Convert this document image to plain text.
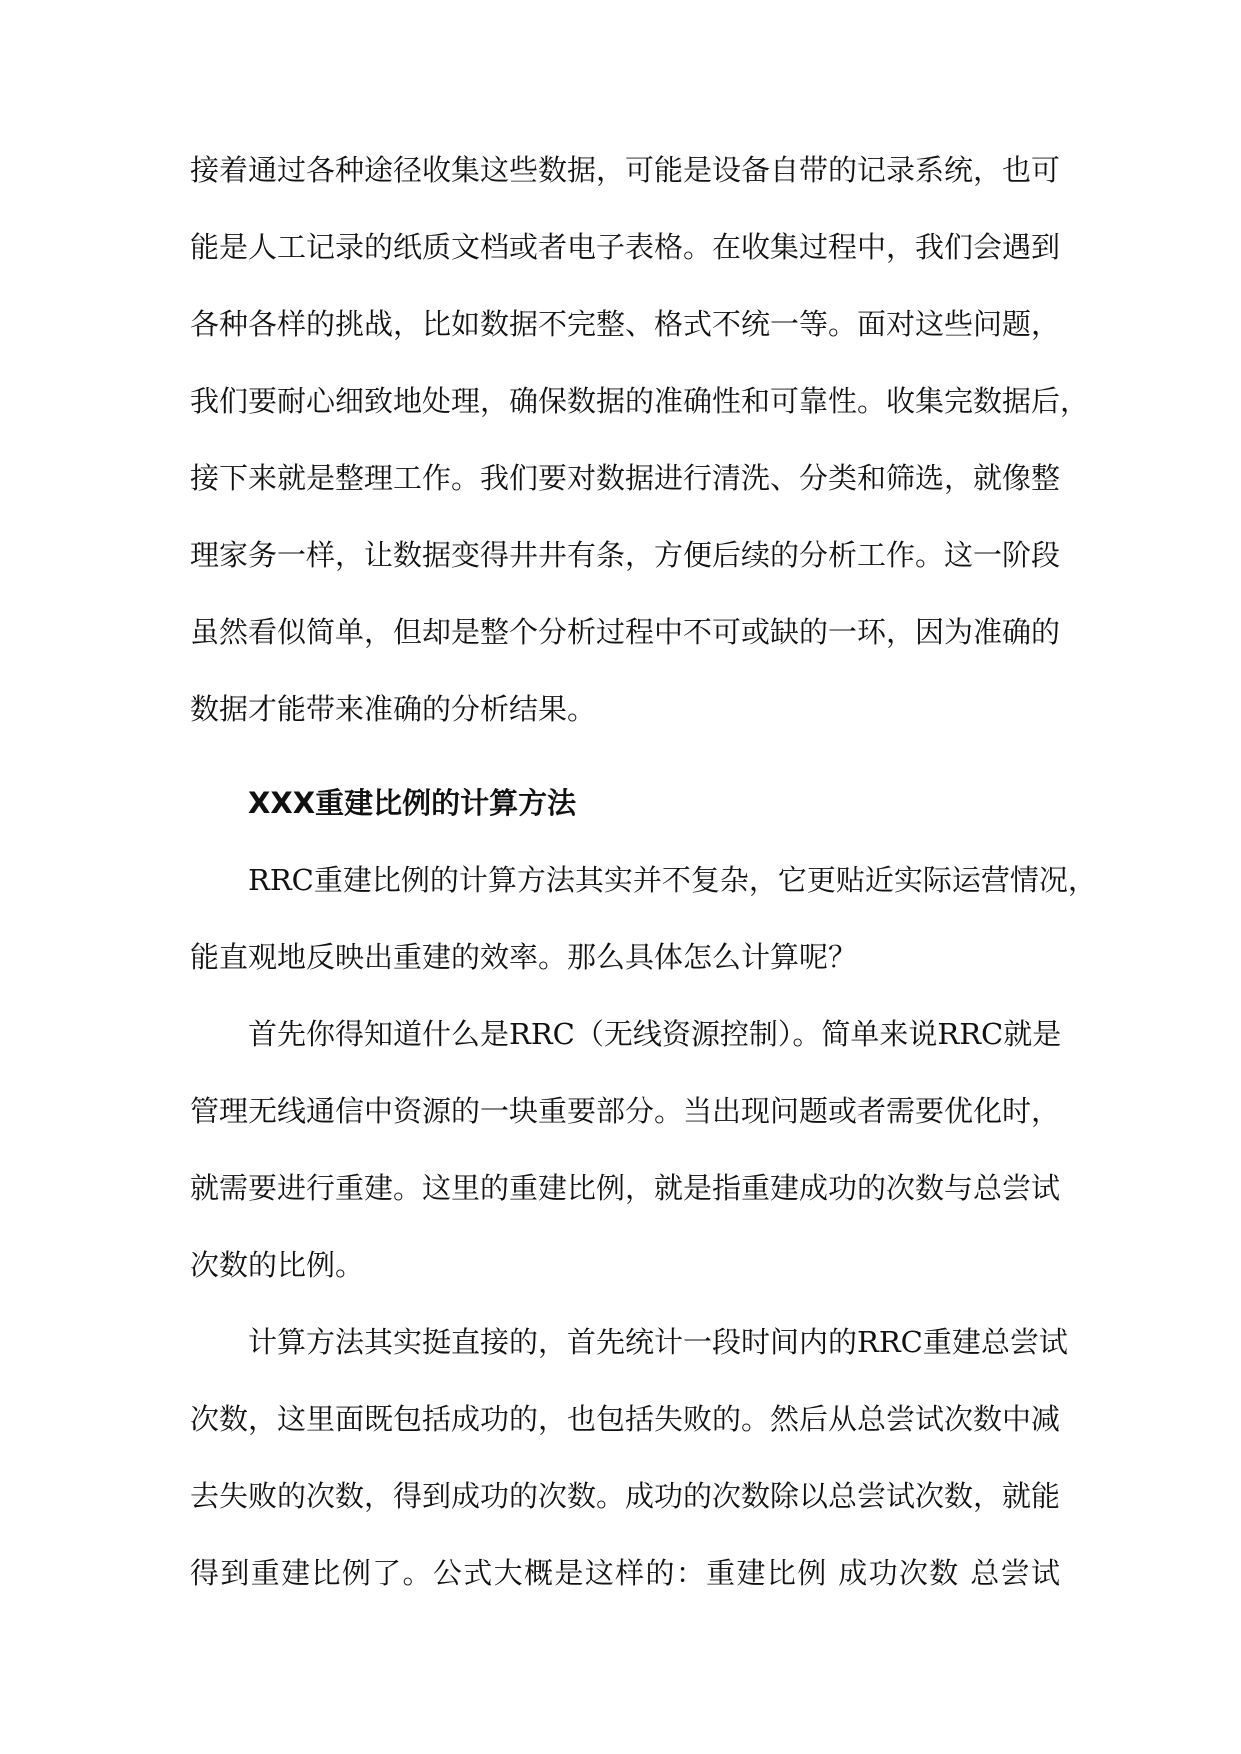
接着通过各种途径收集这些数据，可能是设备自带的记录系统，也可
能是人工记录的纸质文档或者电子表格。在收集过程中，我们会遇到
各种各样的挑战，比如数据不完整、格式不统一等。面对这些问题，
我们要耐心细致地处理，确保数据的准确性和可靠性。收集完数据后，
接下来就是整理工作。我们要对数据进行清洗、分类和筛选，就像整
理家务一样，让数据变得井井有条，方便后续的分析工作。这一阶段
虽然看似简单，但却是整个分析过程中不可或缺的一环，因为准确的
数据才能带来准确的分析结果。
XXX重建比例的计算方法
RRC重建比例的计算方法其实并不复杂，它更贴近实际运营情况，
能直观地反映出重建的效率。那么具体怎么计算呢？
首先你得知道什么是RRC（无线资源控制）。简单来说RRC就是
管理无线通信中资源的一块重要部分。当出现问题或者需要优化时，
就需要进行重建。这里的重建比例，就是指重建成功的次数与总尝试
次数的比例。
计算方法其实挺直接的，首先统计一段时间内的RRC重建总尝试
次数，这里面既包括成功的，也包括失败的。然后从总尝试次数中减
去失败的次数，得到成功的次数。成功的次数除以总尝试次数，就能
得到重建比例了。公式大概是这样的：重建比例 成功次数 总尝试
